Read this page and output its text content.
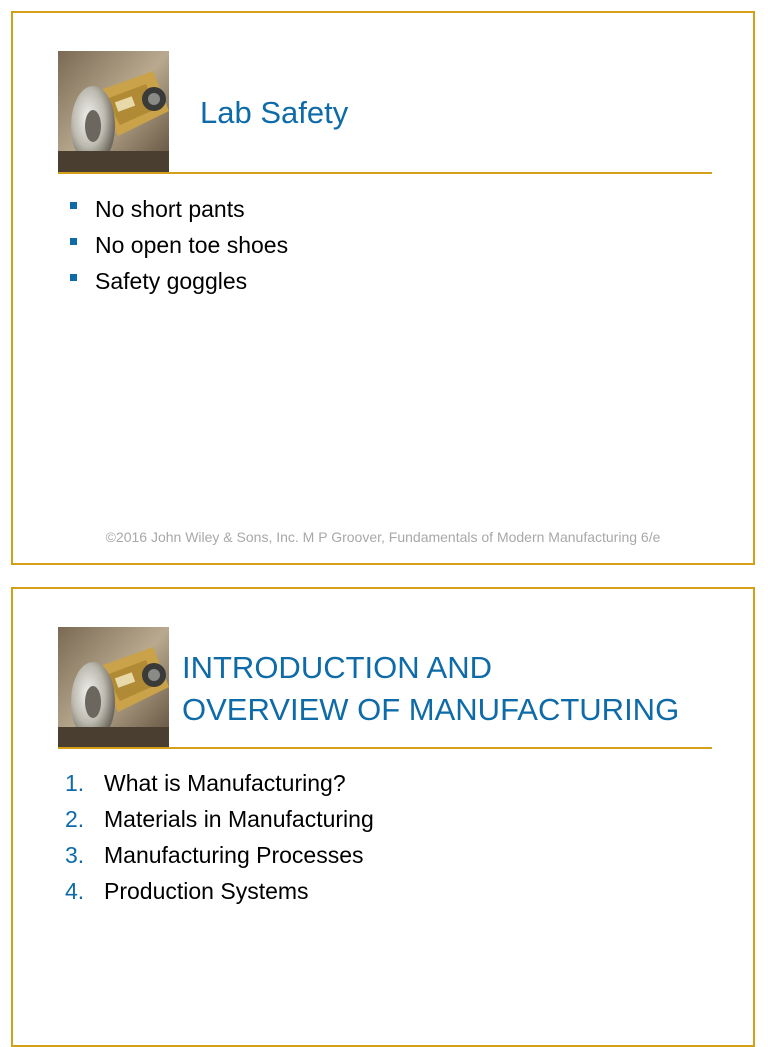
Lab Safety
No short pants
No open toe shoes
Safety goggles
©2016 John Wiley & Sons, Inc. M P Groover, Fundamentals of Modern Manufacturing 6/e
INTRODUCTION AND
OVERVIEW OF MANUFACTURING
1. What is Manufacturing?
2. Materials in Manufacturing
3. Manufacturing Processes
4. Production Systems
